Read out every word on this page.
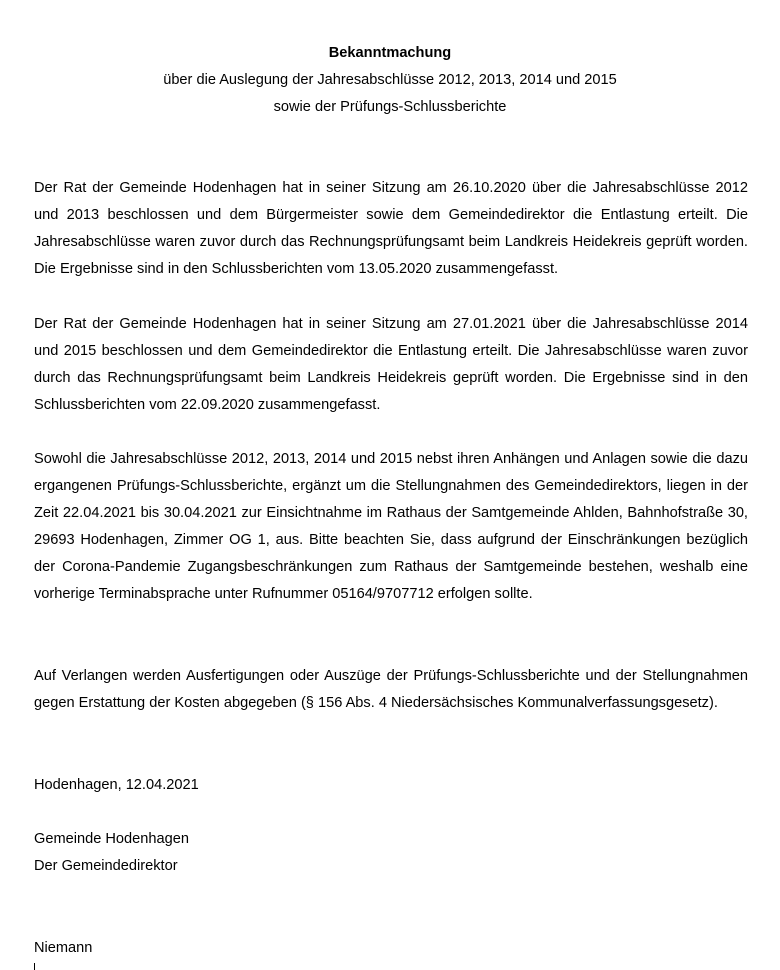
Bekanntmachung
über die Auslegung der Jahresabschlüsse 2012, 2013, 2014 und 2015
sowie der Prüfungs-Schlussberichte
Der Rat der Gemeinde Hodenhagen hat in seiner Sitzung am 26.10.2020 über die Jahresabschlüsse 2012 und 2013 beschlossen und dem Bürgermeister sowie dem Gemeindedirektor die Entlastung erteilt. Die Jahresabschlüsse waren zuvor durch das Rechnungsprüfungsamt beim Landkreis Heidekreis geprüft worden. Die Ergebnisse sind in den Schlussberichten vom 13.05.2020 zusammengefasst.
Der Rat der Gemeinde Hodenhagen hat in seiner Sitzung am 27.01.2021 über die Jahresabschlüsse 2014 und 2015 beschlossen und dem Gemeindedirektor die Entlastung erteilt. Die Jahresabschlüsse waren zuvor durch das Rechnungsprüfungsamt beim Landkreis Heidekreis geprüft worden. Die Ergebnisse sind in den Schlussberichten vom 22.09.2020 zusammengefasst.
Sowohl die Jahresabschlüsse 2012, 2013, 2014 und 2015 nebst ihren Anhängen und Anlagen sowie die dazu ergangenen Prüfungs-Schlussberichte, ergänzt um die Stellungnahmen des Gemeindedirektors, liegen in der Zeit 22.04.2021 bis 30.04.2021 zur Einsichtnahme im Rathaus der Samtgemeinde Ahlden, Bahnhofstraße 30, 29693 Hodenhagen, Zimmer OG 1, aus. Bitte beachten Sie, dass aufgrund der Einschränkungen bezüglich der Corona-Pandemie Zugangsbeschränkungen zum Rathaus der Samtgemeinde bestehen, weshalb eine vorherige Terminabsprache unter Rufnummer 05164/9707712 erfolgen sollte.
Auf Verlangen werden Ausfertigungen oder Auszüge der Prüfungs-Schlussberichte und der Stellungnahmen gegen Erstattung der Kosten abgegeben (§ 156 Abs. 4 Niedersächsisches Kommunalverfassungsgesetz).
Hodenhagen, 12.04.2021
Gemeinde Hodenhagen
Der Gemeindedirektor
Niemann
